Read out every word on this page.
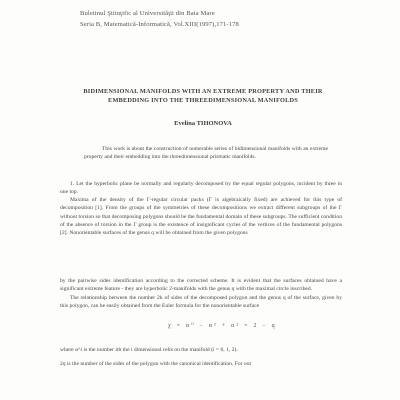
Buletinul Ştiinţific al Universităţii din Baia Mare
Seria B, Matematică-Informatică, Vol.XIII(1997),171-178
BIDIMENSIONAL MANIFOLDS WITH AN EXTREME PROPERTY AND THEIR EMBEDDING INTO THE THREEDIMENSIONAL MANIFOLDS
Evelina TIHONOVA
This work is about the construction of numerable series of bidimensional manifolds with an extreme property and their embedding into the threedimensional prismatic manifolds.
1. Let the hyperbolic plane be normally and regularly decomposed by the equal regular polygons, incident by three in one top.
Maxima of the density of the Γ-regular circular packs (Γ is algebraically fixed) are achieved for this type of decomposition [1]. From the groups of the symmetries of these decompositions we extract different subgroups of the Γ without torsion so that decomposing polygons should be the fundamental domain of these subgroups. The sufficient condition of the absence of torsion in the Γ group is the existence of insignificant cycles of the vertices of the fundamental polygons [2]. Nonorientable surfaces of the genus q will be obtained from the given polygons
by the pairwise sides identification according to the corrected scheme. It is evident that the surfaces obtained have a significant extreme feature - they are hyperbolic 2-manifolds with the genus q with the maximal circle inscribed.
The relationship between the number 2k of sides of the decomposed polygon and the genus q of the surface, given by this polygon, can be easily obtained from the Euler formula for the nonorientable surface
χ = α⁰ − α¹ + α² = 2 − q
where α^i is the number ith the i dimensional cells on the manifold (i = 0, 1, 2).
2q is the number of the sides of the polygon with the canonical identification. For our
